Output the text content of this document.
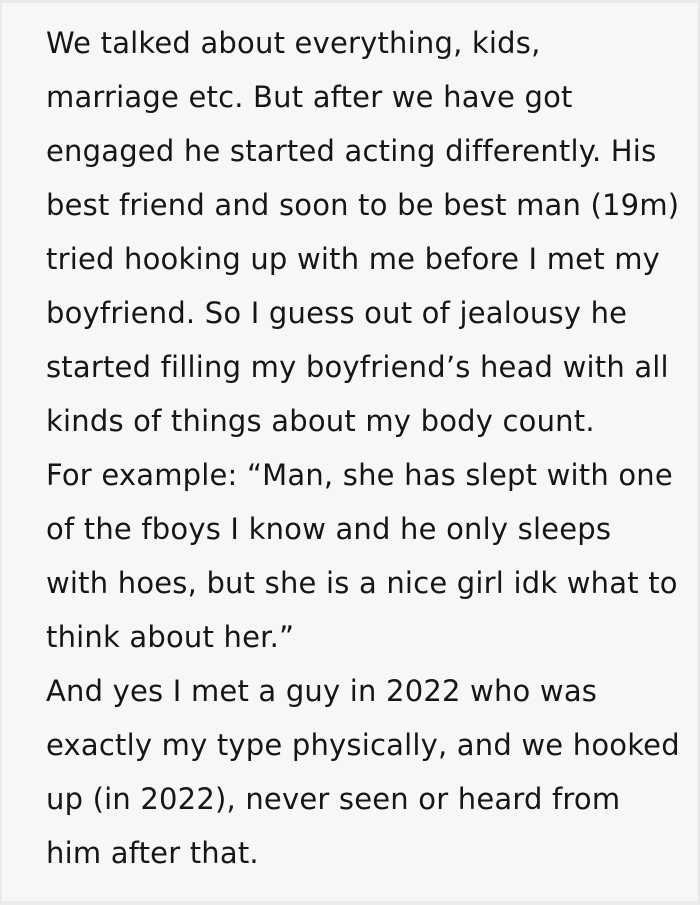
We talked about everything, kids,
marriage etc. But after we have got
engaged he started acting differently. His
best friend and soon to be best man (19m)
tried hooking up with me before I met my
boyfriend. So I guess out of jealousy he
started filling my boyfriend’s head with all
kinds of things about my body count.
For example: “Man, she has slept with one
of the fboys I know and he only sleeps
with hoes, but she is a nice girl idk what to
think about her.”
And yes I met a guy in 2022 who was
exactly my type physically, and we hooked
up (in 2022), never seen or heard from
him after that.
